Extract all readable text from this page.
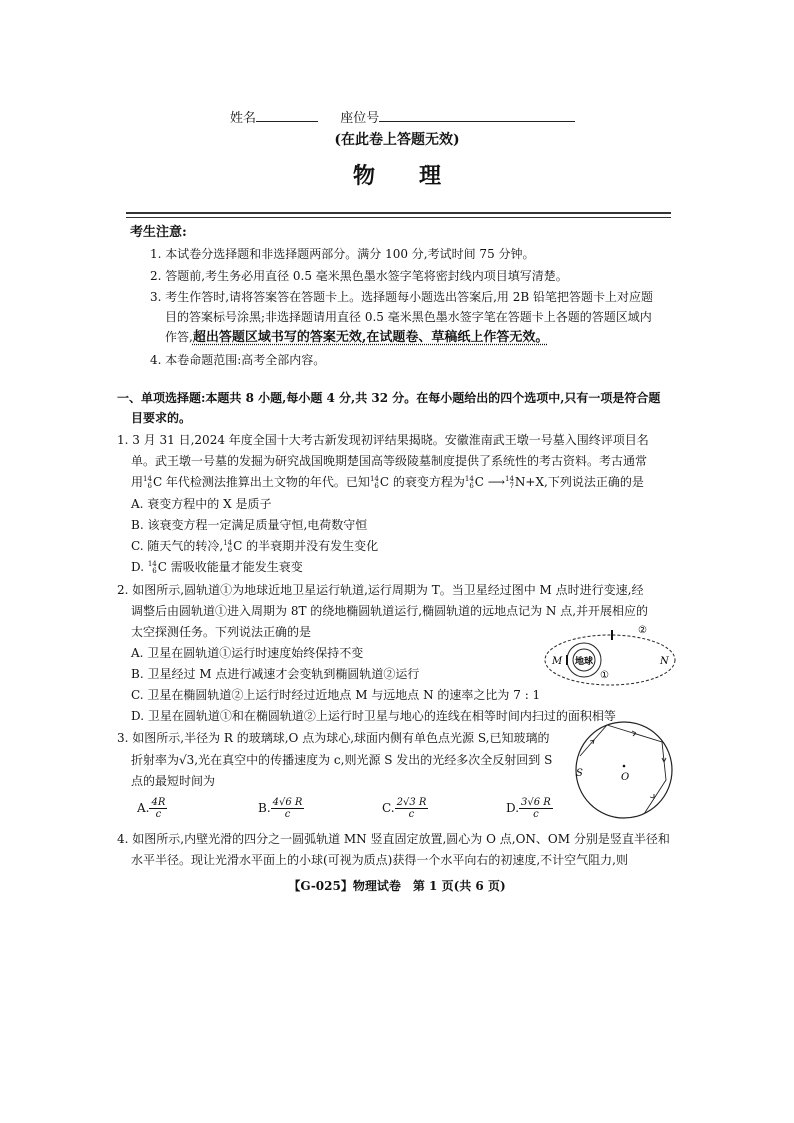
姓名	座位号
(在此卷上答题无效)
物　　理
考生注意:
1. 本试卷分选择题和非选择题两部分。满分 100 分,考试时间 75 分钟。
2. 答题前,考生务必用直径 0.5 毫米黑色墨水签字笔将密封线内项目填写清楚。
3. 考生作答时,请将答案答在答题卡上。选择题每小题选出答案后,用 2B 铅笔把答题卡上对应题
目的答案标号涂黑;非选择题请用直径 0.5 毫米黑色墨水签字笔在答题卡上各题的答题区域内
作答,超出答题区域书写的答案无效,在试题卷、草稿纸上作答无效。
4. 本卷命题范围:高考全部内容。
一、单项选择题:本题共 8 小题,每小题 4 分,共 32 分。在每小题给出的四个选项中,只有一项是符合题
目要求的。
1. 3 月 31 日,2024 年度全国十大考古新发现初评结果揭晓。安徽淮南武王墩一号墓入围终评项目名
单。武王墩一号墓的发掘为研究战国晚期楚国高等级陵墓制度提供了系统性的考古资料。考古通常
用 14
6 C 年代检测法推算出土文物的年代。已知 14
6 C 的衰变方程为 14
6 C ⟶ 14
7 N+X,下列说法正确的是
A. 衰变方程中的 X 是质子
B. 该衰变方程一定满足质量守恒,电荷数守恒
C. 随天气的转冷, 14
6 C 的半衰期并没有发生变化
D. 14
6 C 需吸收能量才能发生衰变
2. 如图所示,圆轨道①为地球近地卫星运行轨道,运行周期为 T。当卫星经过图中 M 点时进行变速,经
调整后由圆轨道①进入周期为 8T 的绕地椭圆轨道运行,椭圆轨道的远地点记为 N 点,并开展相应的
太空探测任务。下列说法正确的是
A. 卫星在圆轨道①运行时速度始终保持不变
B. 卫星经过 M 点进行减速才会变轨到椭圆轨道②运行
C. 卫星在椭圆轨道②上运行时经过近地点 M 与远地点 N 的速率之比为 7 : 1
D. 卫星在圆轨道①和在椭圆轨道②上运行时卫星与地心的连线在相等时间内扫过的面积相等
地球
M	N
①
②
3. 如图所示,半径为 R 的玻璃球,O 点为球心,球面内侧有单色点光源 S,已知玻璃的
折射率为√3,光在真空中的传播速度为 c,则光源 S 发出的光经多次全反射回到 S
点的最短时间为
A. $\frac{4R}{c}$	B. $\frac{4√6 R}{c}$	C. $\frac{2√3 R}{c}$	D. $\frac{3√6 R}{c}$
O
S
4. 如图所示,内壁光滑的四分之一圆弧轨道 MN 竖直固定放置,圆心为 O 点,ON、OM 分别是竖直半径和
水平半径。现让光滑水平面上的小球(可视为质点)获得一个水平向右的初速度,不计空气阻力,则
【G-025】物理试卷　第 1 页(共 6 页)
